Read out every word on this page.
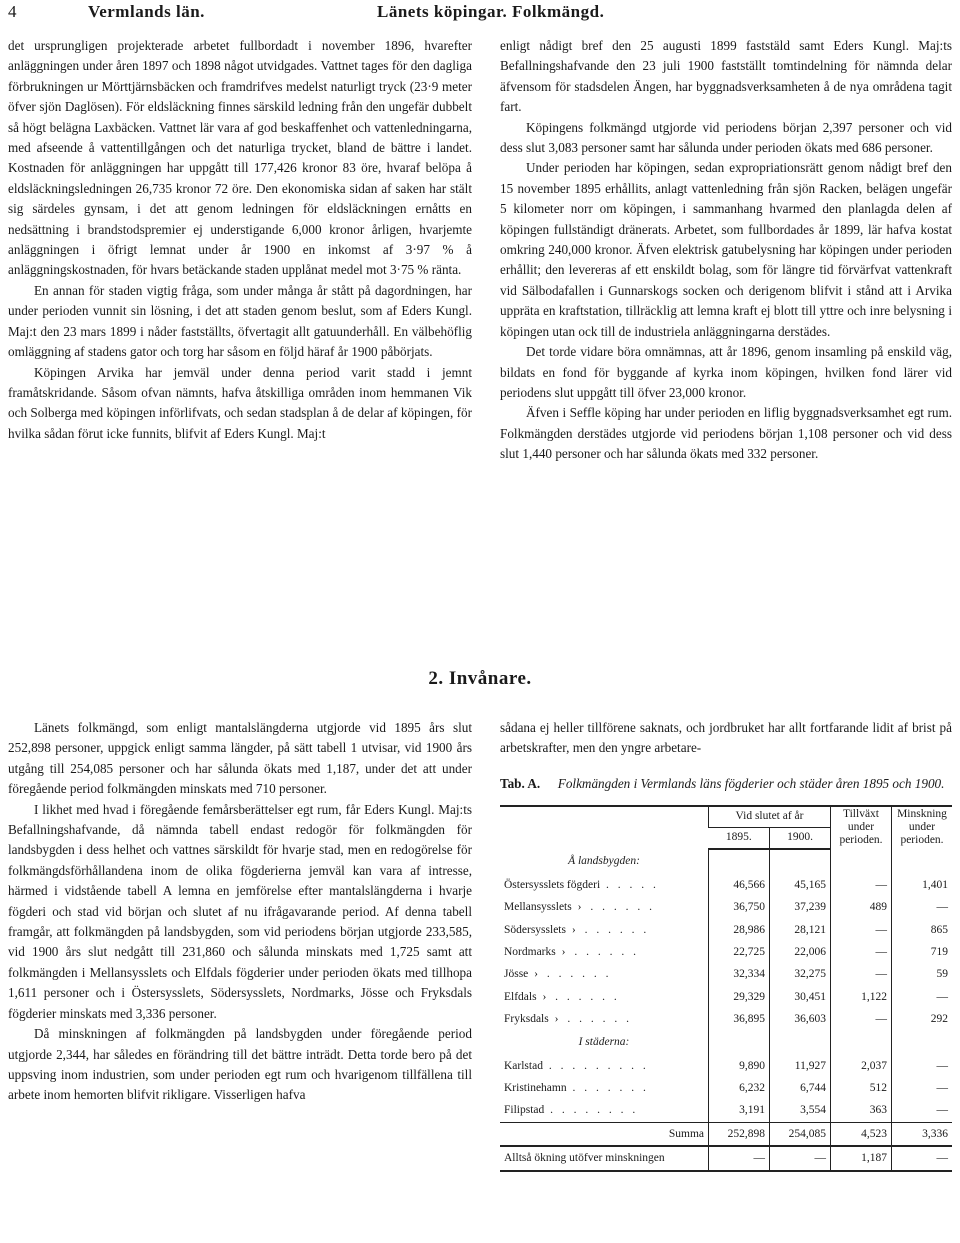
4	Vermlands län.	Länets köpingar. Folkmängd.

det ursprungligen projekterade arbetet fullbordadt i november 1896, hvarefter anläggningen under åren 1897 och 1898 något utvidgades. Vattnet tages för den dagliga förbrukningen ur Mörttjärnsbäcken och framdrifves medelst naturligt tryck (23·9 meter öfver sjön Daglösen). För eldsläckning finnes särskild ledning från den ungefär dubbelt så högt belägna Laxbäcken. Vattnet lär vara af god beskaffenhet och vattenledningarna, med afseende å vattentillgången och det naturliga trycket, bland de bättre i landet. Kostnaden för anläggningen har uppgått till 177,426 kronor 83 öre, hvaraf belöpa å eldsläckningsledningen 26,735 kronor 72 öre. Den ekonomiska sidan af saken har stält sig särdeles gynsam, i det att genom ledningen för eldsläckningen ernåtts en nedsättning i brandstodspremier ej understigande 6,000 kronor årligen, hvarjemte anläggningen i öfrigt lemnat under år 1900 en inkomst af 3·97 % å anläggningskostnaden, för hvars betäckande staden upplånat medel mot 3·75 % ränta.

En annan för staden vigtig fråga, som under många år stått på dagordningen, har under perioden vunnit sin lösning, i det att staden genom beslut, som af Eders Kungl. Maj:t den 23 mars 1899 i nåder fastställts, öfvertagit allt gatuunderhåll. En välbehöflig omläggning af stadens gator och torg har såsom en följd häraf år 1900 påbörjats.

Köpingen Arvika har jemväl under denna period varit stadd i jemnt framåtskridande. Såsom ofvan nämnts, hafva åtskilliga områden inom hemmanen Vik och Solberga med köpingen införlifvats, och sedan stadsplan å de delar af köpingen, för hvilka sådan förut icke funnits, blifvit af Eders Kungl. Maj:t

enligt nådigt bref den 25 augusti 1899 faststäld samt Eders Kungl. Maj:ts Befallningshafvande den 23 juli 1900 fastställt tomtindelning för nämnda delar äfvensom för stadsdelen Ängen, har byggnadsverksamheten å de nya områdena tagit fart.

Köpingens folkmängd utgjorde vid periodens början 2,397 personer och vid dess slut 3,083 personer samt har sålunda under perioden ökats med 686 personer.

Under perioden har köpingen, sedan expropriationsrätt genom nådigt bref den 15 november 1895 erhållits, anlagt vattenledning från sjön Racken, belägen ungefär 5 kilometer norr om köpingen, i sammanhang hvarmed den planlagda delen af köpingen fullständigt dränerats. Arbetet, som fullbordades år 1899, lär hafva kostat omkring 240,000 kronor. Äfven elektrisk gatubelysning har köpingen under perioden erhållit; den levereras af ett enskildt bolag, som för längre tid förvärfvat vattenkraft vid Sälbodafallen i Gunnarskogs socken och derigenom blifvit i stånd att i Arvika uppräta en kraftstation, tillräcklig att lemna kraft ej blott till yttre och inre belysning i köpingen utan ock till de industriela anläggningarna derstädes.

Det torde vidare böra omnämnas, att år 1896, genom insamling på enskild väg, bildats en fond för byggande af kyrka inom köpingen, hvilken fond lärer vid periodens slut uppgått till öfver 23,000 kronor.

Äfven i Seffle köping har under perioden en liflig byggnadsverksamhet egt rum. Folkmängden derstädes utgjorde vid periodens början 1,108 personer och vid dess slut 1,440 personer och har sålunda ökats med 332 personer.

2. Invånare.

Länets folkmängd, som enligt mantalslängderna utgjorde vid 1895 års slut 252,898 personer, uppgick enligt samma längder, på sätt tabell 1 utvisar, vid 1900 års utgång till 254,085 personer och har sålunda ökats med 1,187, under det att under föregående period folkmängden minskats med 710 personer.

I likhet med hvad i föregående femårsberättelser egt rum, får Eders Kungl. Maj:ts Befallningshafvande, då nämnda tabell endast redogör för folkmängden för landsbygden i dess helhet och vattnes särskildt för hvarje stad, men en redogörelse för folkmängdsförhållandena inom de olika fögderierna jemväl kan vara af intresse, härmed i vidstående tabell A lemna en jemförelse efter mantalslängderna i hvarje fögderi och stad vid början och slutet af nu ifrågavarande period. Af denna tabell framgår, att folkmängden på landsbygden, som vid periodens början utgjorde 233,585, vid 1900 års slut nedgått till 231,860 och sålunda minskats med 1,725 samt att folkmängden i Mellansysslets och Elfdals fögderier under perioden ökats med tillhopa 1,611 personer och i Östersysslets, Södersysslets, Nordmarks, Jösse och Fryksdals fögderier minskats med 3,336 personer.

Då minskningen af folkmängden på landsbygden under föregående period utgjorde 2,344, har således en förändring till det bättre inträdt. Detta torde bero på det uppsving inom industrien, som under perioden egt rum och hvarigenom tillfällena till arbete inom hemorten blifvit rikligare. Visserligen hafva

sådana ej heller tillförene saknats, och jordbruket har allt fortfarande lidit af brist på arbetskrafter, men den yngre arbetare-

Tab. A.	Folkmängden i Vermlands läns fögderier och städer åren 1895 och 1900.
	Vid slutet af år		Tillväxt under perioden.	Minskning under perioden.
	1895.	1900.		
Å landsbygden:				
Östersysslets fögderi . . . . .	46,566	45,165	—	1,401
Mellansysslets › . . . . . .	36,750	37,239	489	—
Södersysslets › . . . . . .	28,986	28,121	—	865
Nordmarks › . . . . . .	22,725	22,006	—	719
Jösse › . . . . . .	32,334	32,275	—	59
Elfdals › . . . . . .	29,329	30,451	1,122	—
Fryksdals › . . . . . .	36,895	36,603	—	292
I städerna:				
Karlstad . . . . . . . . .	9,890	11,927	2,037	—
Kristinehamn . . . . . . .	6,232	6,744	512	—
Filipstad . . . . . . . .	3,191	3,554	363	—
Summa	252,898	254,085	4,523	3,336
Alltså ökning utöfver minskningen	—	—	1,187	—
